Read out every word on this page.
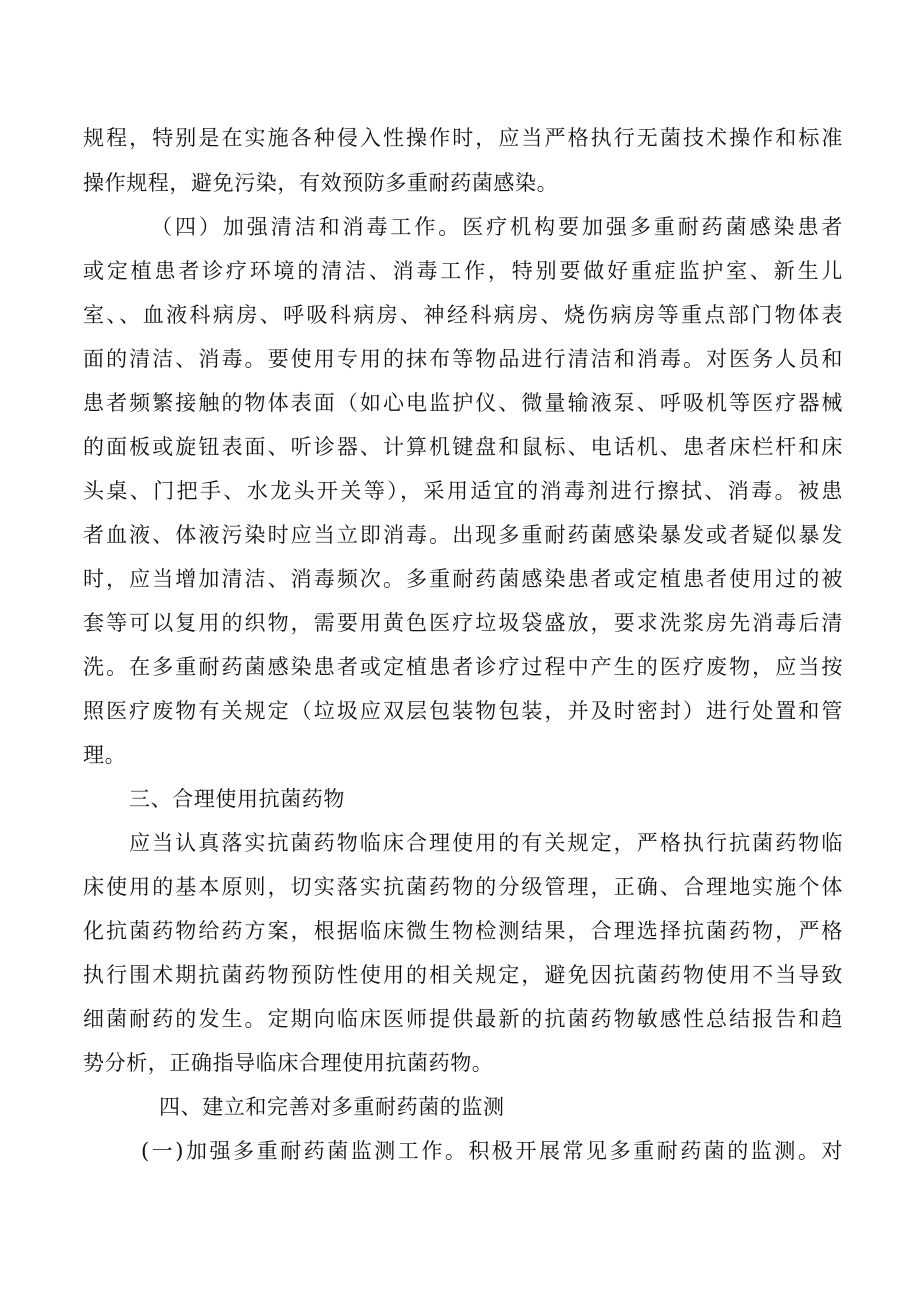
规程，特别是在实施各种侵入性操作时，应当严格执行无菌技术操作和标准
操作规程，避免污染，有效预防多重耐药菌感染。
（四）加强清洁和消毒工作。医疗机构要加强多重耐药菌感染患者
或定植患者诊疗环境的清洁、消毒工作，特别要做好重症监护室、新生儿
室、、血液科病房、呼吸科病房、神经科病房、烧伤病房等重点部门物体表
面的清洁、消毒。要使用专用的抹布等物品进行清洁和消毒。对医务人员和
患者频繁接触的物体表面（如心电监护仪、微量输液泵、呼吸机等医疗器械
的面板或旋钮表面、听诊器、计算机键盘和鼠标、电话机、患者床栏杆和床
头桌、门把手、水龙头开关等），采用适宜的消毒剂进行擦拭、消毒。被患
者血液、体液污染时应当立即消毒。出现多重耐药菌感染暴发或者疑似暴发
时，应当增加清洁、消毒频次。多重耐药菌感染患者或定植患者使用过的被
套等可以复用的织物，需要用黄色医疗垃圾袋盛放，要求洗浆房先消毒后清
洗。在多重耐药菌感染患者或定植患者诊疗过程中产生的医疗废物，应当按
照医疗废物有关规定（垃圾应双层包装物包装，并及时密封）进行处置和管
理。
三、合理使用抗菌药物
应当认真落实抗菌药物临床合理使用的有关规定，严格执行抗菌药物临
床使用的基本原则，切实落实抗菌药物的分级管理，正确、合理地实施个体
化抗菌药物给药方案，根据临床微生物检测结果，合理选择抗菌药物，严格
执行围术期抗菌药物预防性使用的相关规定，避免因抗菌药物使用不当导致
细菌耐药的发生。定期向临床医师提供最新的抗菌药物敏感性总结报告和趋
势分析，正确指导临床合理使用抗菌药物。
四、建立和完善对多重耐药菌的监测
(一)加强多重耐药菌监测工作。积极开展常见多重耐药菌的监测。对
